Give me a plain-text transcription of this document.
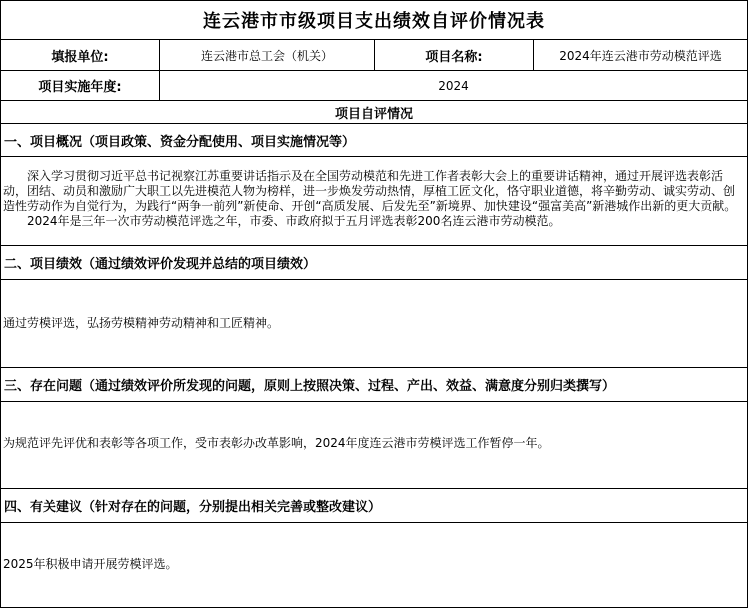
连云港市市级项目支出绩效自评价情况表
填报单位:	连云港市总工会（机关）	项目名称:	2024年连云港市劳动模范评选
项目实施年度:	2024
项目自评情况
一、项目概况（项目政策、资金分配使用、项目实施情况等）

深入学习贯彻习近平总书记视察江苏重要讲话指示及在全国劳动模范和先进工作者表彰大会上的重要讲话精神，通过开展评选表彰活动，团结、动员和激励广大职工以先进模范人物为榜样，进一步焕发劳动热情，厚植工匠文化，恪守职业道德，将辛勤劳动、诚实劳动、创造性劳动作为自觉行为，为践行“两争一前列”新使命、开创“高质发展、后发先至”新境界、加快建设“强富美高”新港城作出新的更大贡献。

2024年是三年一次市劳动模范评选之年，市委、市政府拟于五月评选表彰200名连云港市劳动模范。

二、项目绩效（通过绩效评价发现并总结的项目绩效）

通过劳模评选，弘扬劳模精神劳动精神和工匠精神。

三、存在问题（通过绩效评价所发现的问题，原则上按照决策、过程、产出、效益、满意度分别归类撰写）

为规范评先评优和表彰等各项工作，受市表彰办改革影响，2024年度连云港市劳模评选工作暂停一年。

四、有关建议（针对存在的问题，分别提出相关完善或整改建议）

2025年积极申请开展劳模评选。
